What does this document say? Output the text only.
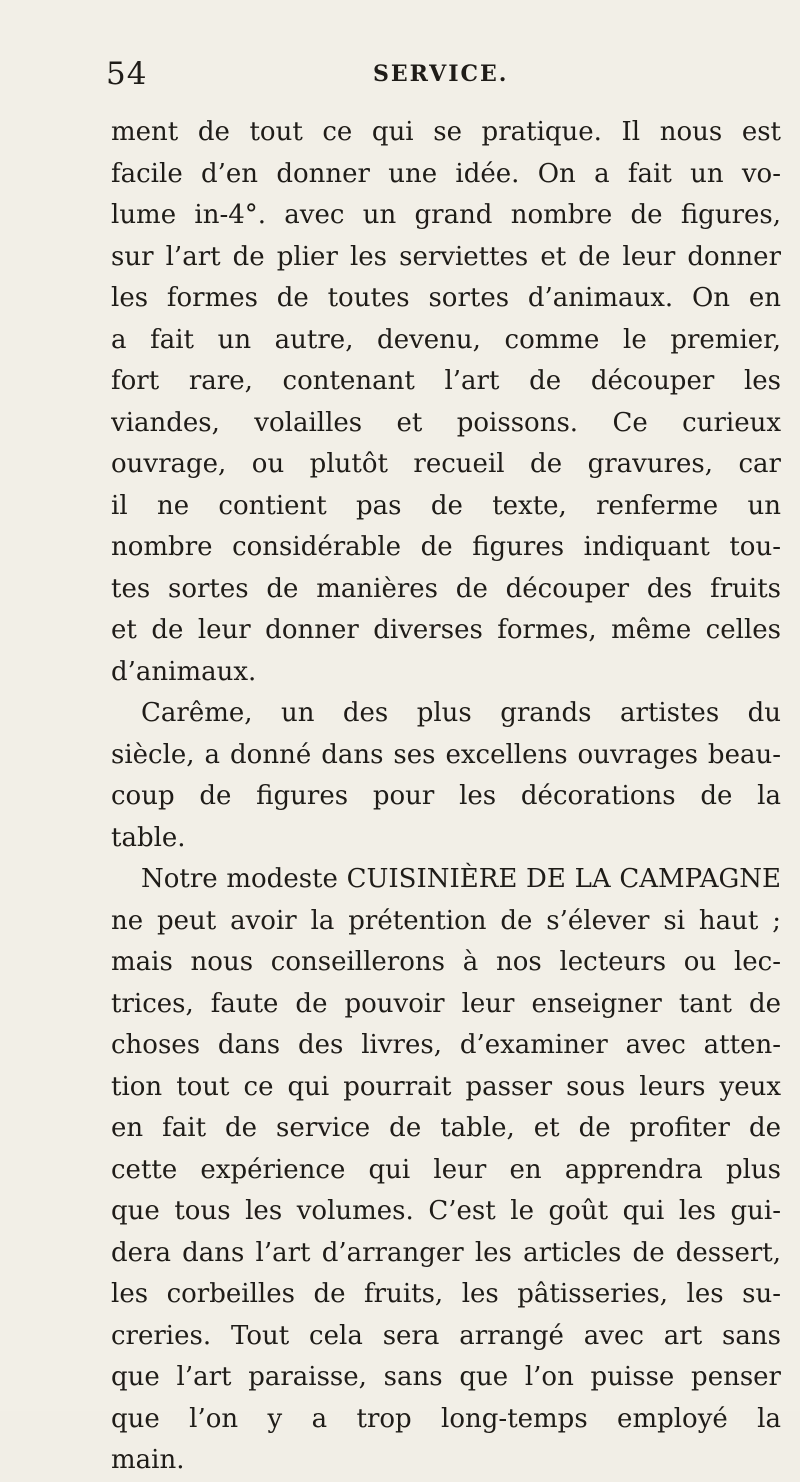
54	SERVICE.
ment de tout ce qui se pratique. Il nous est
facile d’en donner une idée. On a fait un vo-
lume in-4°. avec un grand nombre de figures,
sur l’art de plier les serviettes et de leur donner
les formes de toutes sortes d’animaux. On en
a fait un autre, devenu, comme le premier,
fort rare, contenant l’art de découper les
viandes, volailles et poissons. Ce curieux
ouvrage, ou plutôt recueil de gravures, car
il ne contient pas de texte, renferme un
nombre considérable de figures indiquant tou-
tes sortes de manières de découper des fruits
et de leur donner diverses formes, même celles
d’animaux.
Carême, un des plus grands artistes du
siècle, a donné dans ses excellens ouvrages beau-
coup de figures pour les décorations de la
table.
Notre modeste CUISINIÈRE DE LA CAMPAGNE
ne peut avoir la prétention de s’élever si haut ;
mais nous conseillerons à nos lecteurs ou lec-
trices, faute de pouvoir leur enseigner tant de
choses dans des livres, d’examiner avec atten-
tion tout ce qui pourrait passer sous leurs yeux
en fait de service de table, et de profiter de
cette expérience qui leur en apprendra plus
que tous les volumes. C’est le goût qui les gui-
dera dans l’art d’arranger les articles de dessert,
les corbeilles de fruits, les pâtisseries, les su-
creries. Tout cela sera arrangé avec art sans
que l’art paraisse, sans que l’on puisse penser
que l’on y a trop long-temps employé la
main.
